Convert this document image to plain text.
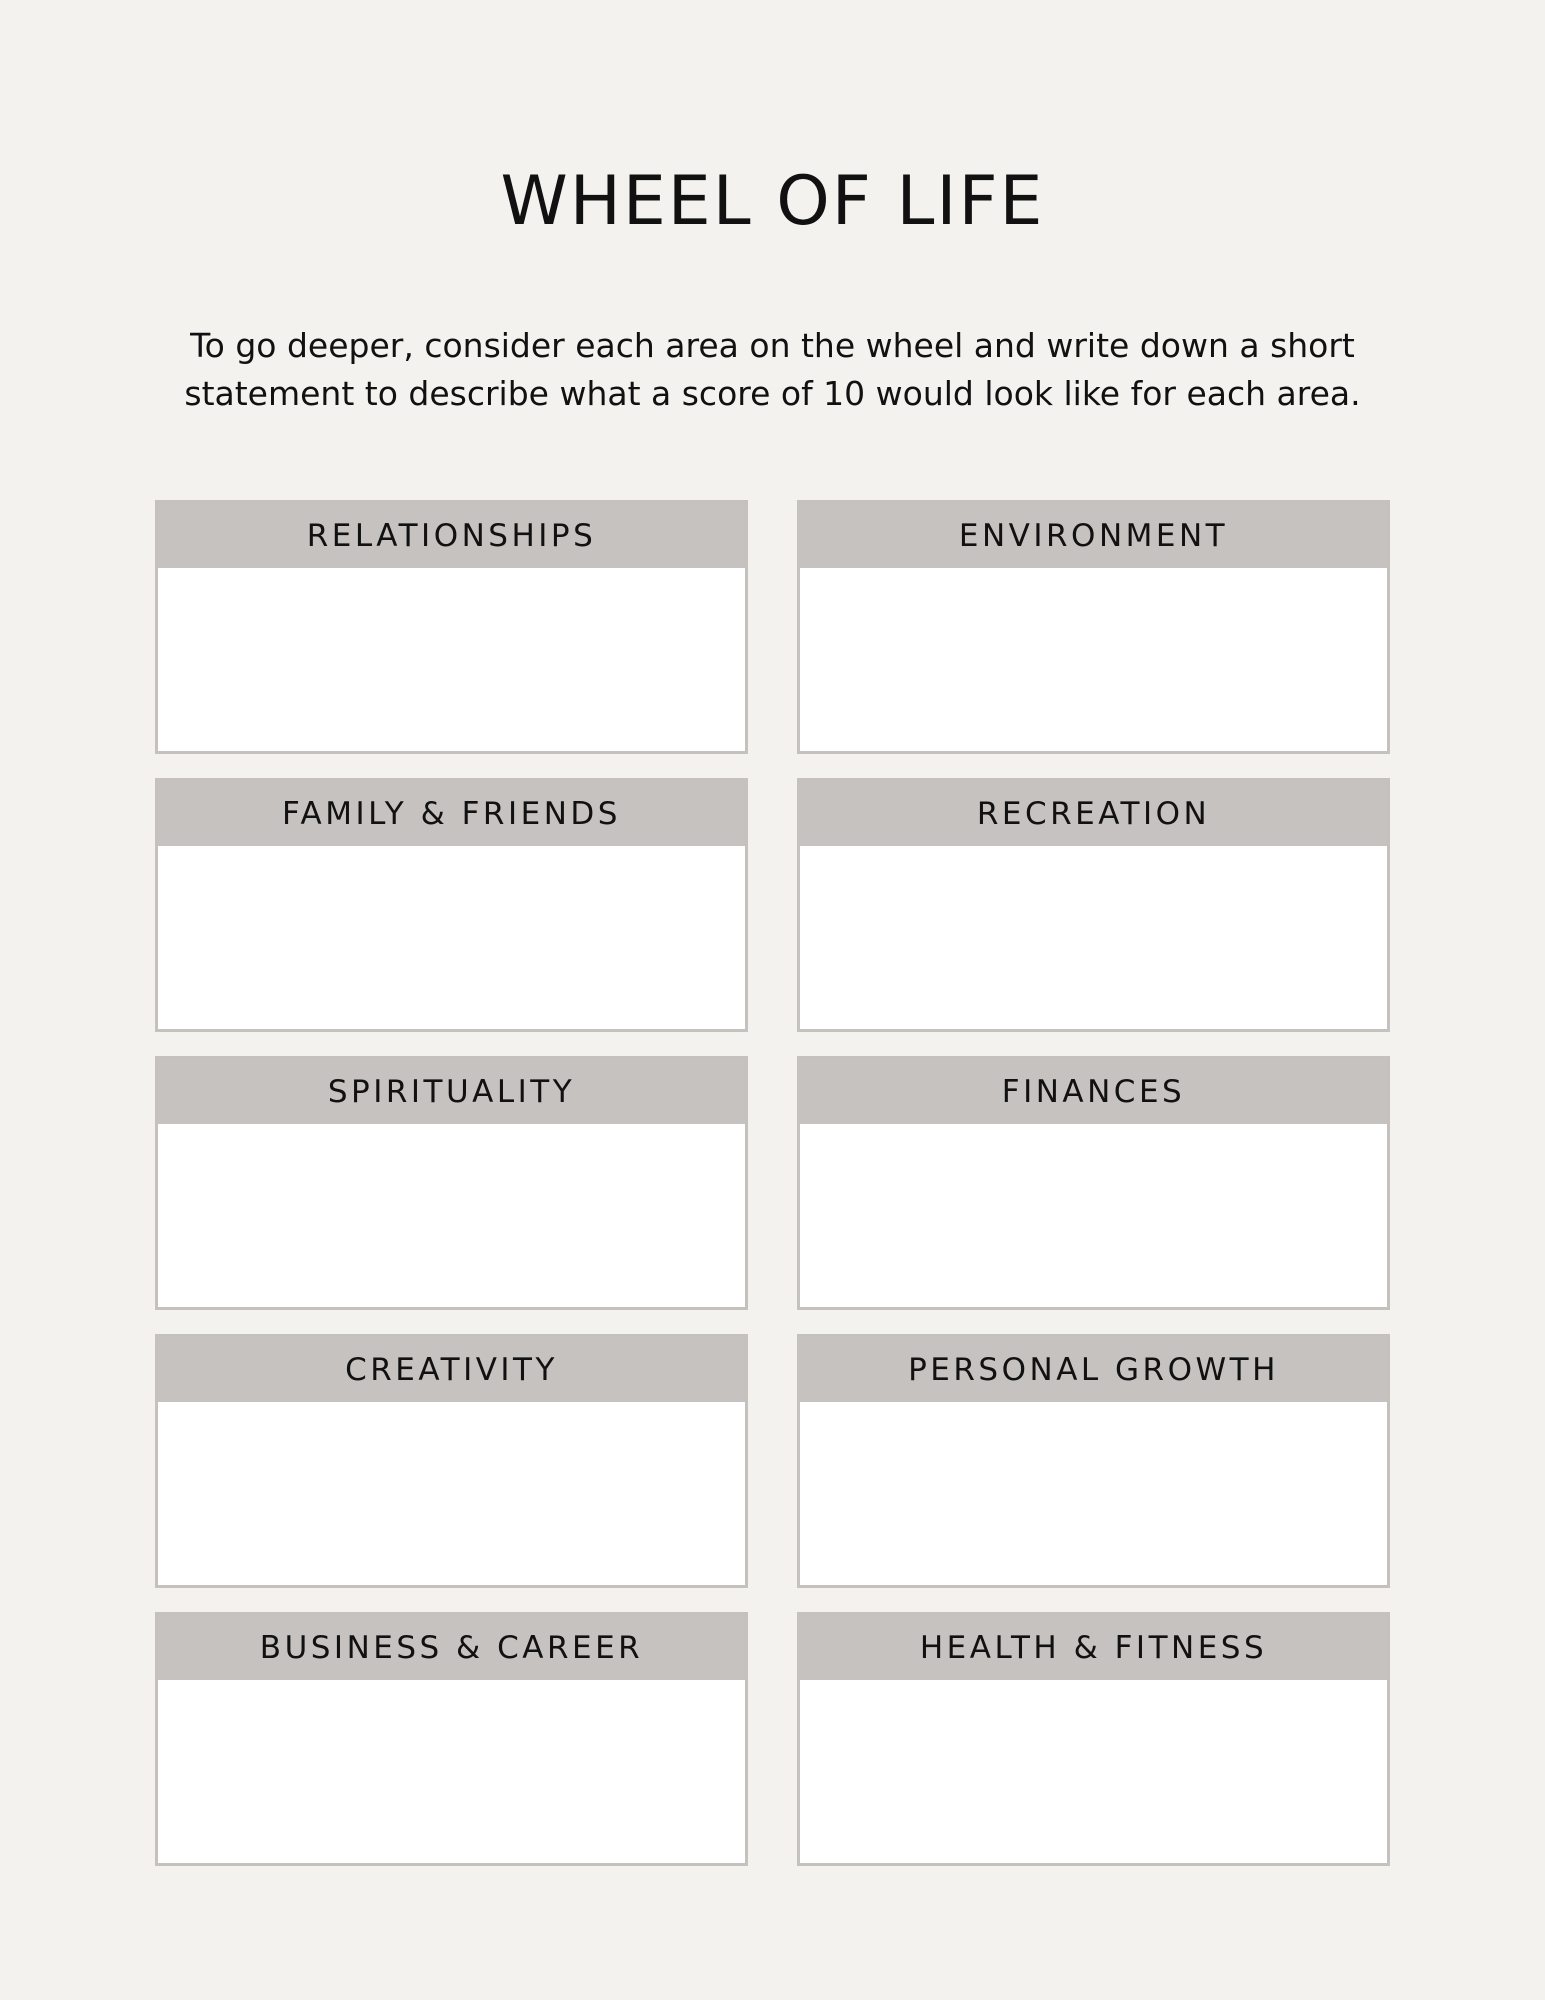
WHEEL OF LIFE

To go deeper, consider each area on the wheel and write down a short statement to describe what a score of 10 would look like for each area.

RELATIONSHIPS	ENVIRONMENT
FAMILY & FRIENDS	RECREATION
SPIRITUALITY	FINANCES
CREATIVITY	PERSONAL GROWTH
BUSINESS & CAREER	HEALTH & FITNESS
